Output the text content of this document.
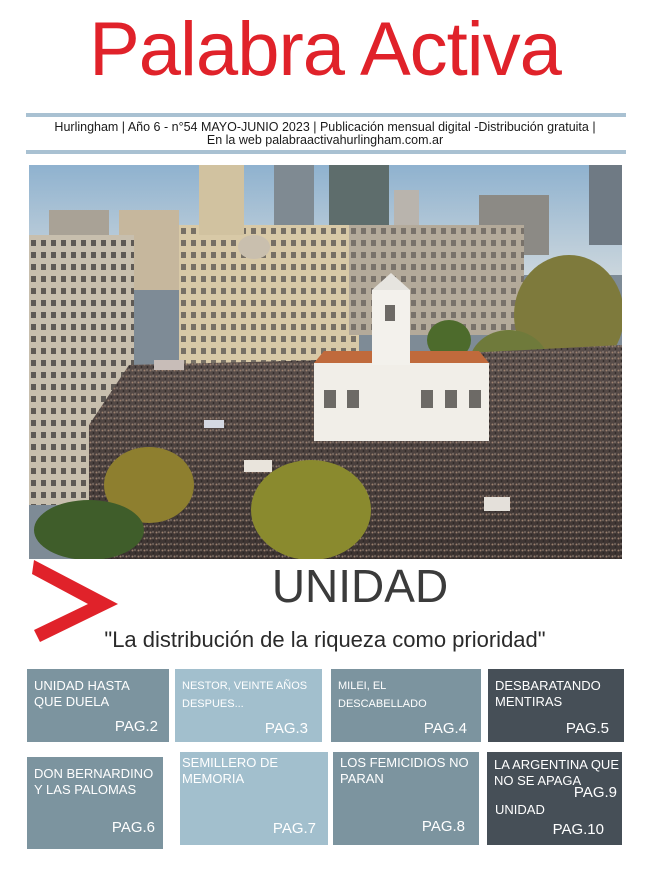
Palabra Activa
Hurlingham | Año 6 - n°54 MAYO-JUNIO 2023 | Publicación mensual digital -Distribución gratuita |
En la web palabraactivahurlingham.com.ar
UNIDAD
"La distribución de la riqueza como prioridad"
UNIDAD HASTA QUE DUELA
PAG.2
NESTOR, VEINTE AÑOS DESPUES...
PAG.3
MILEI, EL DESCABELLADO
PAG.4
DESBARATANDO MENTIRAS
PAG.5
DON BERNARDINO Y LAS PALOMAS
PAG.6
SEMILLERO DE MEMORIA
PAG.7
LOS FEMICIDIOS NO PARAN
PAG.8
LA ARGENTINA QUE NO SE APAGA
PAG.9
UNIDAD
PAG.10
